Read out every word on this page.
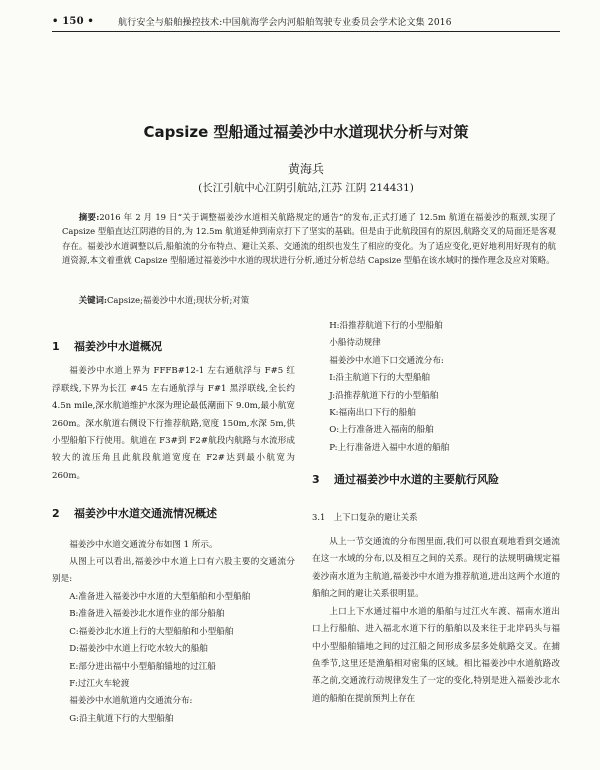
• 150 •	航行安全与船舶操控技术:中国航海学会内河船舶驾驶专业委员会学术论文集 2016
Capsize 型船通过福姜沙中水道现状分析与对策
黄海兵
(长江引航中心江阴引航站,江苏 江阴 214431)
摘要:2016 年 2 月 19 日“关于调整福姜沙水道相关航路规定的通告”的发布,正式打通了 12.5m 航道在福姜沙的瓶颈,实现了 Capsize 型船直达江阴港的目的,为 12.5m 航道延伸到南京打下了坚实的基础。但是由于此航段国有的原因,航路交叉的局面还是客观存在。福姜沙水道调整以后,船舶流的分布特点、避让关系、交通流的组织也发生了相应的变化。为了适应变化,更好地利用好现有的航道资源,本文着重就 Capsize 型船通过福姜沙中水道的现状进行分析,通过分析总结 Capsize 型船在该水域时的操作理念及应对策略。
关键词:Capsize;福姜沙中水道;现状分析;对策
1	福姜沙中水道概况

福姜沙中水道上界为 FFFB#12-1 左右通航浮与 F#5 红浮联线,下界为长江 #45 左右通航浮与 F#1 黑浮联线,全长约 4.5n mile,深水航道维护水深为理论最低潮面下 9.0m,最小航宽 260m。深水航道右侧设下行推荐航路,宽度 150m,水深 5m,供小型船舶下行使用。航道在 F3#到 F2#航段内航路与水流形成较大的流压角且此航段航道宽度在 F2#达到最小航宽为 260m。

2	福姜沙中水道交通流情况概述

福姜沙中水道交通流分布如图 1 所示。

从图上可以看出,福姜沙中水道上口有六股主要的交通流分别是:

A:准备进入福姜沙中水道的大型船舶和小型船舶

B:准备进入福姜沙北水道作业的部分船舶

C:福姜沙北水道上行的大型船舶和小型船舶

D:福姜沙中水道上行吃水较大的船舶

E:部分进出福中小型船舶锚地的过江船

F:过江火车轮渡

福姜沙中水道航道内交通流分布:

G:沿主航道下行的大型船舶

H:沿推荐航道下行的小型船舶

小船待动规律

福姜沙中水道下口交通流分布:

I:沿主航道下行的大型船舶

J:沿推荐航道下行的小型船舶

K:福南出口下行的船舶

O:上行准备进入福南的船舶

P:上行准备进入福中水道的船舶

3	通过福姜沙中水道的主要航行风险

3.1　上下口复杂的避让关系

从上一节交通流的分布图里面,我们可以很直观地看到交通流在这一水域的分布,以及相互之间的关系。现行的法规明确规定福姜沙南水道为主航道,福姜沙中水道为推荐航道,进出这两个水道的船舶之间的避让关系很明显。

上口上下水通过福中水道的船舶与过江火车渡、福南水道出口上行船舶、进入福北水道下行的船舶以及来往于北岸码头与福中小型船舶锚地之间的过江船之间形成多层多处航路交叉。在捕鱼季节,这里还是渔船相对密集的区域。相比福姜沙中水道航路改革之前,交通流行动规律发生了一定的变化,特别是进入福姜沙北水道的船舶在提前预判上存在
